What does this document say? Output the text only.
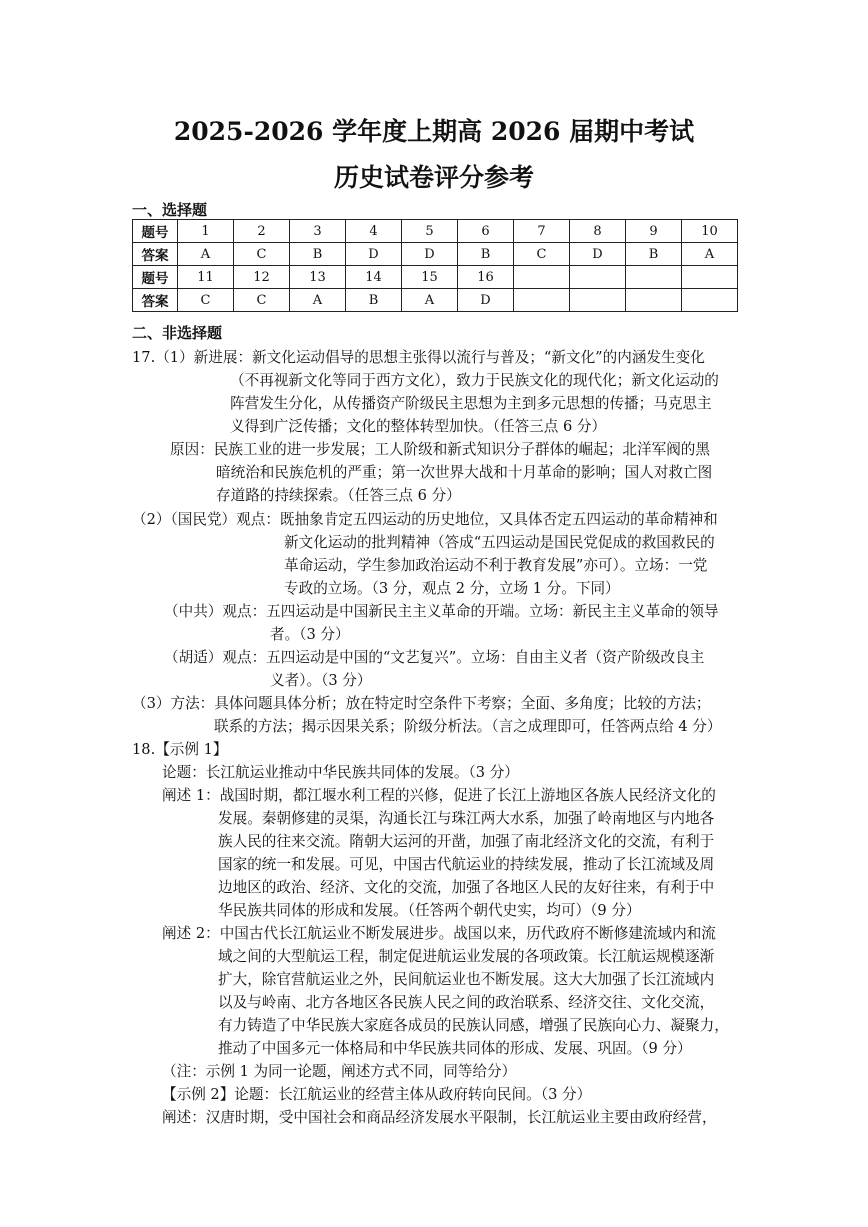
2025-2026 学年度上期高 2026 届期中考试
历史试卷评分参考
一、选择题
题号	1	2	3	4	5	6	7	8	9	10
答案	A	C	B	D	D	B	C	D	B	A
题号	11	12	13	14	15	16				
答案	C	C	A	B	A	D				
二、非选择题
17.（1）新进展：新文化运动倡导的思想主张得以流行与普及；“新文化”的内涵发生变化
（不再视新文化等同于西方文化），致力于民族文化的现代化；新文化运动的
阵营发生分化，从传播资产阶级民主思想为主到多元思想的传播；马克思主
义得到广泛传播；文化的整体转型加快。（任答三点 6 分）
原因：民族工业的进一步发展；工人阶级和新式知识分子群体的崛起；北洋军阀的黑
暗统治和民族危机的严重；第一次世界大战和十月革命的影响；国人对救亡图
存道路的持续探索。（任答三点 6 分）
（2）（国民党）观点：既抽象肯定五四运动的历史地位，又具体否定五四运动的革命精神和
新文化运动的批判精神（答成“五四运动是国民党促成的救国救民的
革命运动，学生参加政治运动不利于教育发展”亦可）。立场：一党
专政的立场。（3 分，观点 2 分，立场 1 分。下同）
（中共）观点：五四运动是中国新民主主义革命的开端。立场：新民主主义革命的领导
者。（3 分）
（胡适）观点：五四运动是中国的“文艺复兴”。立场：自由主义者（资产阶级改良主
义者）。（3 分）
（3）方法：具体问题具体分析；放在特定时空条件下考察；全面、多角度；比较的方法；
联系的方法；揭示因果关系；阶级分析法。（言之成理即可，任答两点给 4 分）
18.【示例 1】
论题：长江航运业推动中华民族共同体的发展。（3 分）
阐述 1：战国时期，都江堰水利工程的兴修，促进了长江上游地区各族人民经济文化的
发展。秦朝修建的灵渠，沟通长江与珠江两大水系，加强了岭南地区与内地各
族人民的往来交流。隋朝大运河的开凿，加强了南北经济文化的交流，有利于
国家的统一和发展。可见，中国古代航运业的持续发展，推动了长江流域及周
边地区的政治、经济、文化的交流，加强了各地区人民的友好往来，有利于中
华民族共同体的形成和发展。（任答两个朝代史实，均可）（9 分）
阐述 2：中国古代长江航运业不断发展进步。战国以来，历代政府不断修建流域内和流
域之间的大型航运工程，制定促进航运业发展的各项政策。长江航运规模逐渐
扩大，除官营航运业之外，民间航运业也不断发展。这大大加强了长江流域内
以及与岭南、北方各地区各民族人民之间的政治联系、经济交往、文化交流，
有力铸造了中华民族大家庭各成员的民族认同感，增强了民族向心力、凝聚力，
推动了中国多元一体格局和中华民族共同体的形成、发展、巩固。（9 分）
（注：示例 1 为同一论题，阐述方式不同，同等给分）
【示例 2】论题：长江航运业的经营主体从政府转向民间。（3 分）
阐述：汉唐时期，受中国社会和商品经济发展水平限制，长江航运业主要由政府经营，
